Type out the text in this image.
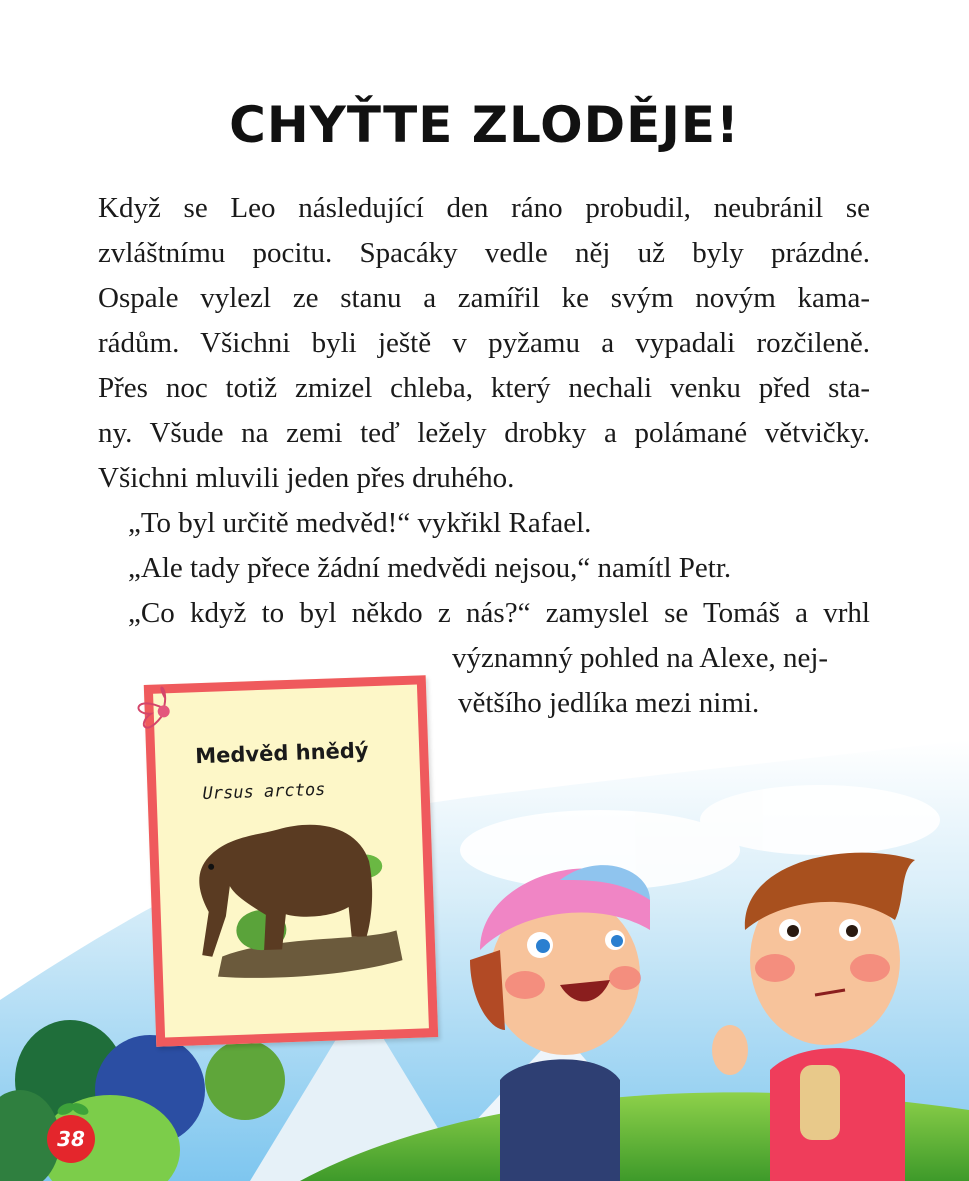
CHYŤTE ZLODĚJE!
Když se Leo následující den ráno probudil, neubránil se
zvláštnímu pocitu. Spacáky vedle něj už byly prázdné.
Ospale vylezl ze stanu a zamířil ke svým novým kama-
rádům. Všichni byli ještě v pyžamu a vypadali rozčileně.
Přes noc totiž zmizel chleba, který nechali venku před sta-
ny. Všude na zemi teď ležely drobky a polámané větvičky.
Všichni mluvili jeden přes druhého.
„To byl určitě medvěd!“ vykřikl Rafael.
„Ale tady přece žádní medvědi nejsou,“ namítl Petr.
„Co když to byl někdo z nás?“ zamyslel se Tomáš a vrhl
významný pohled na Alexe, nej-
většího jedlíka mezi nimi.
Medvěd hnědý
Ursus arctos
38
